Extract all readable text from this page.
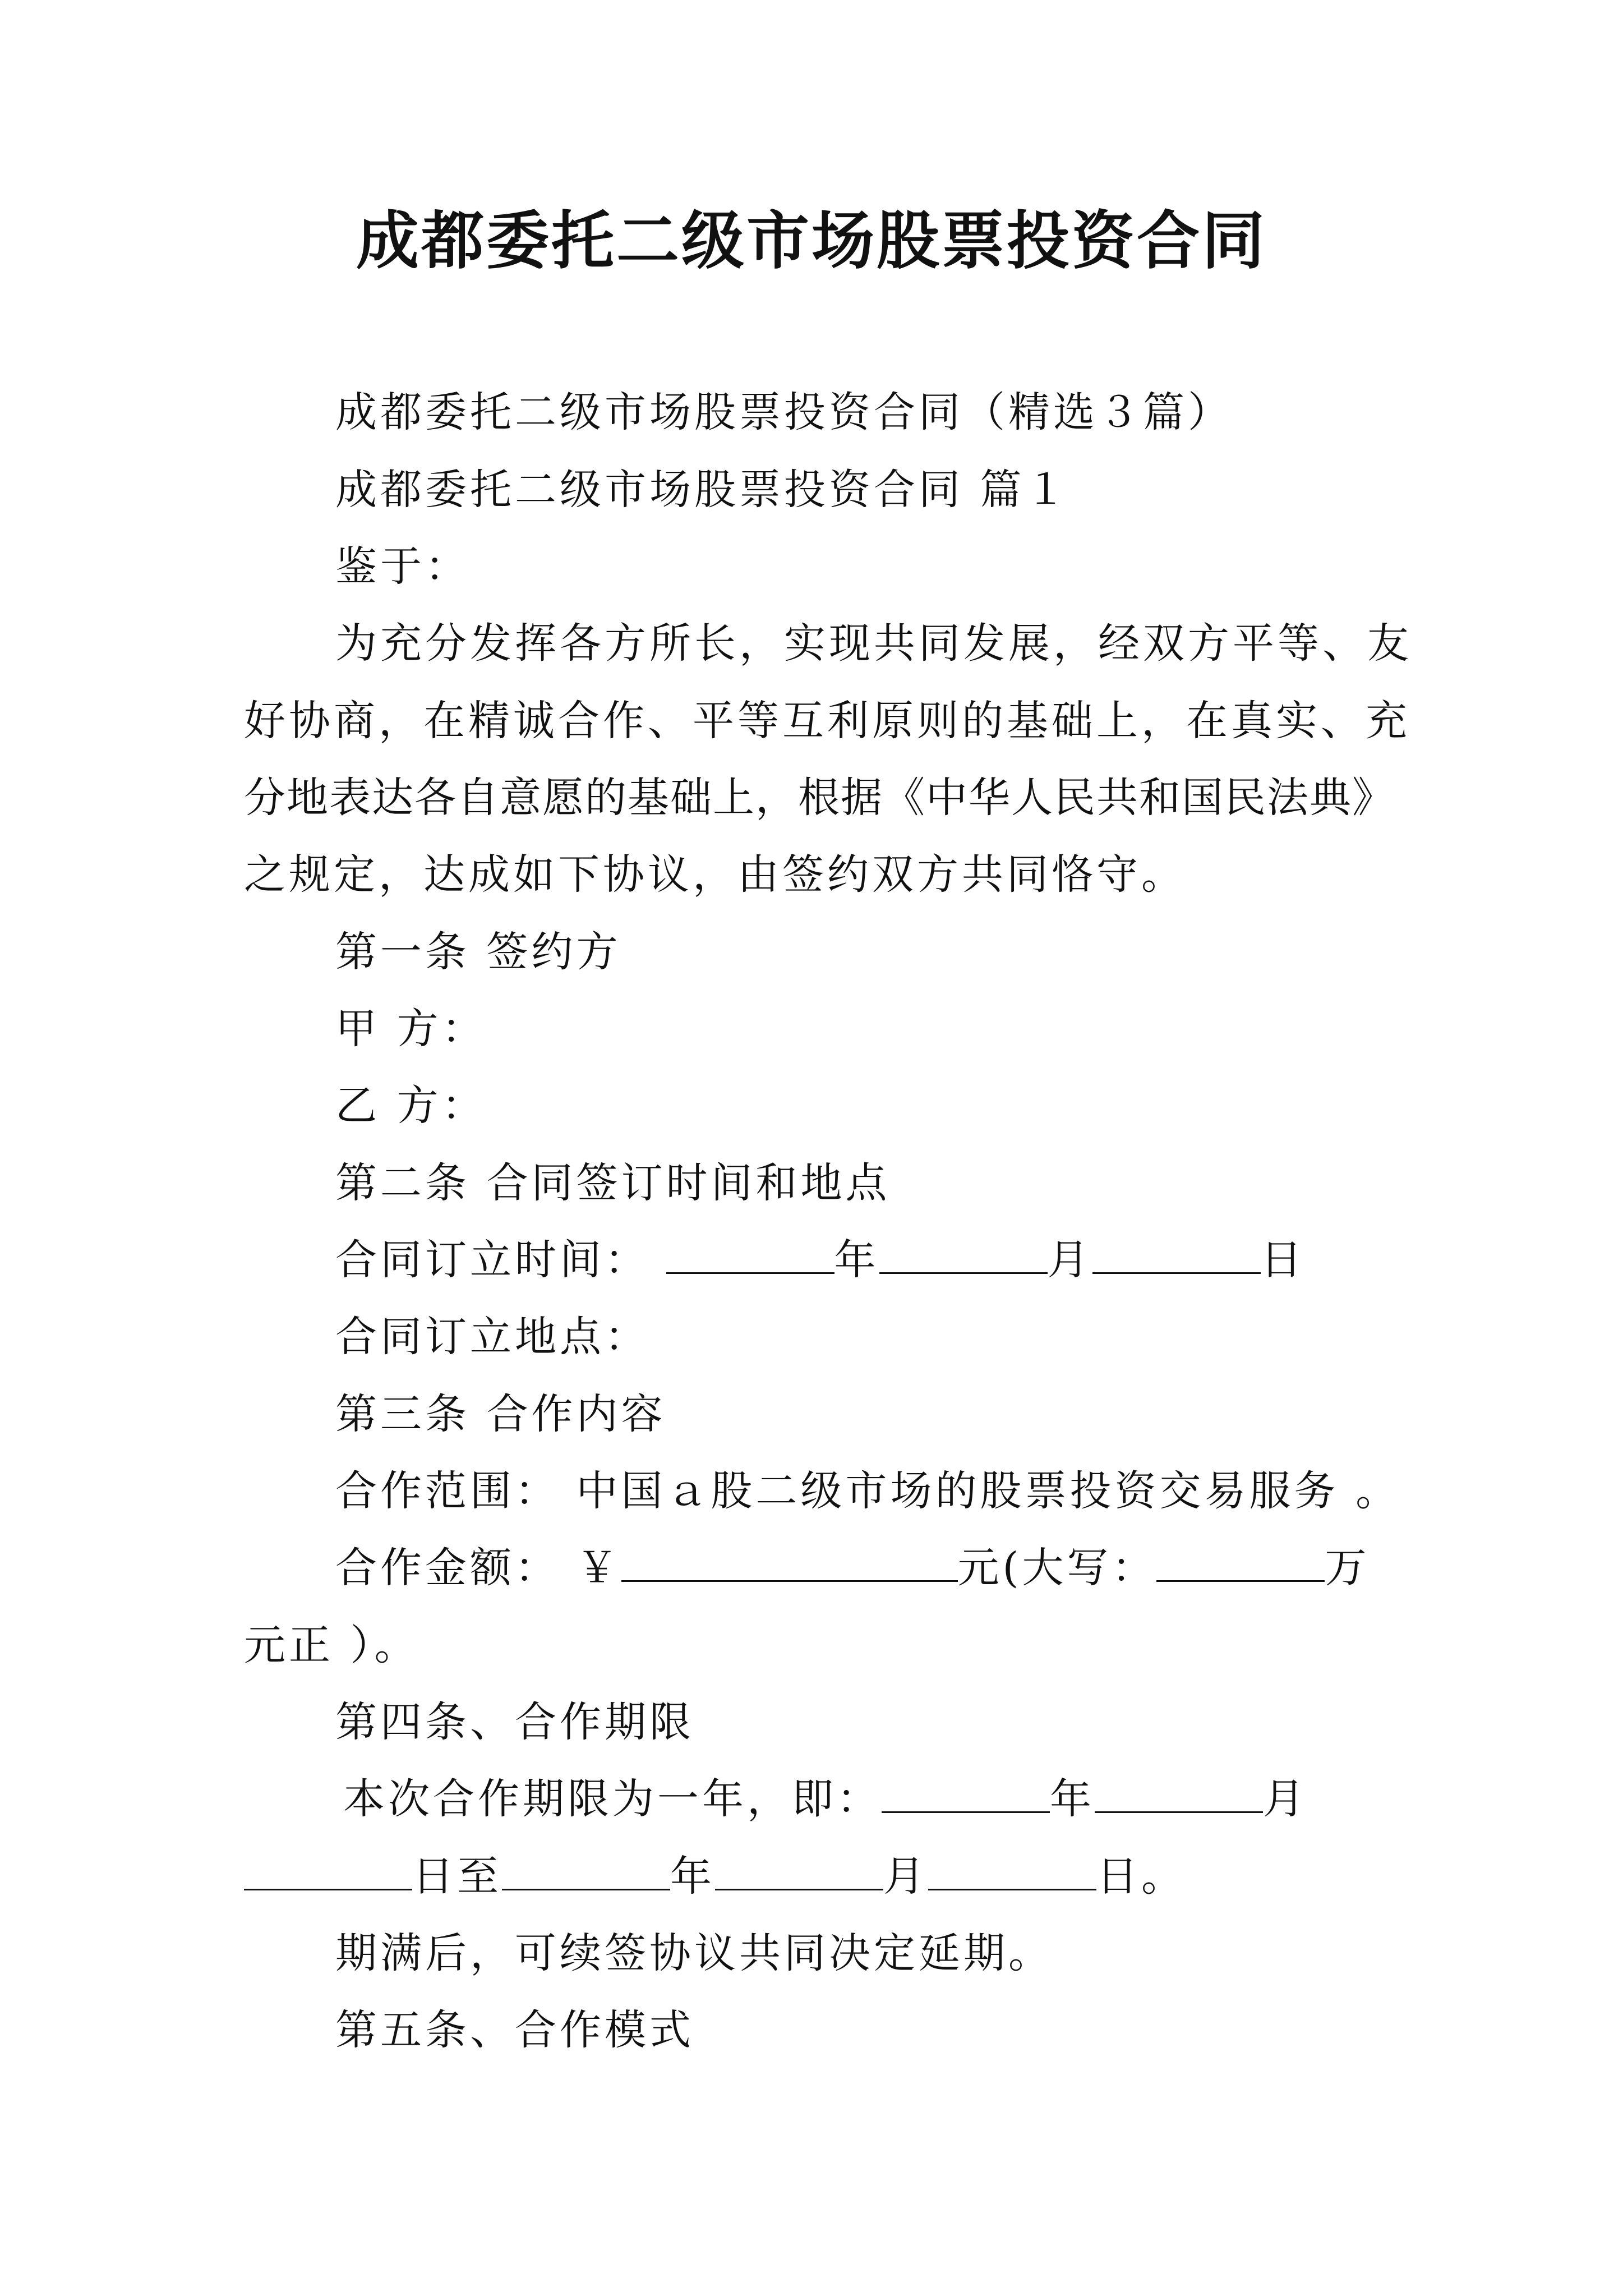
成都委托二级市场股票投资合同
成都委托二级市场股票投资合同（精选３篇）
成都委托二级市场股票投资合同 篇１
鉴于：
为充分发挥各方所长，实现共同发展，经双方平等、友
好协商，在精诚合作、平等互利原则的基础上，在真实、充
分地表达各自意愿的基础上，根据《中华人民共和国民法典》
之规定，达成如下协议，由签约双方共同恪守。
第一条 签约方
甲 方：
乙 方：
第二条 合同签订时间和地点
合同订立时间：	年	月	日
合同订立地点：
第三条 合作内容
合作范围： 中国ａ股二级市场的股票投资交易服务 。
合作金额： ￥	元(大写：	万
元正 ）。
第四条、合作期限
本次合作期限为一年，即：	年	月
日至	年	月	日。
期满后，可续签协议共同决定延期。
第五条、合作模式
